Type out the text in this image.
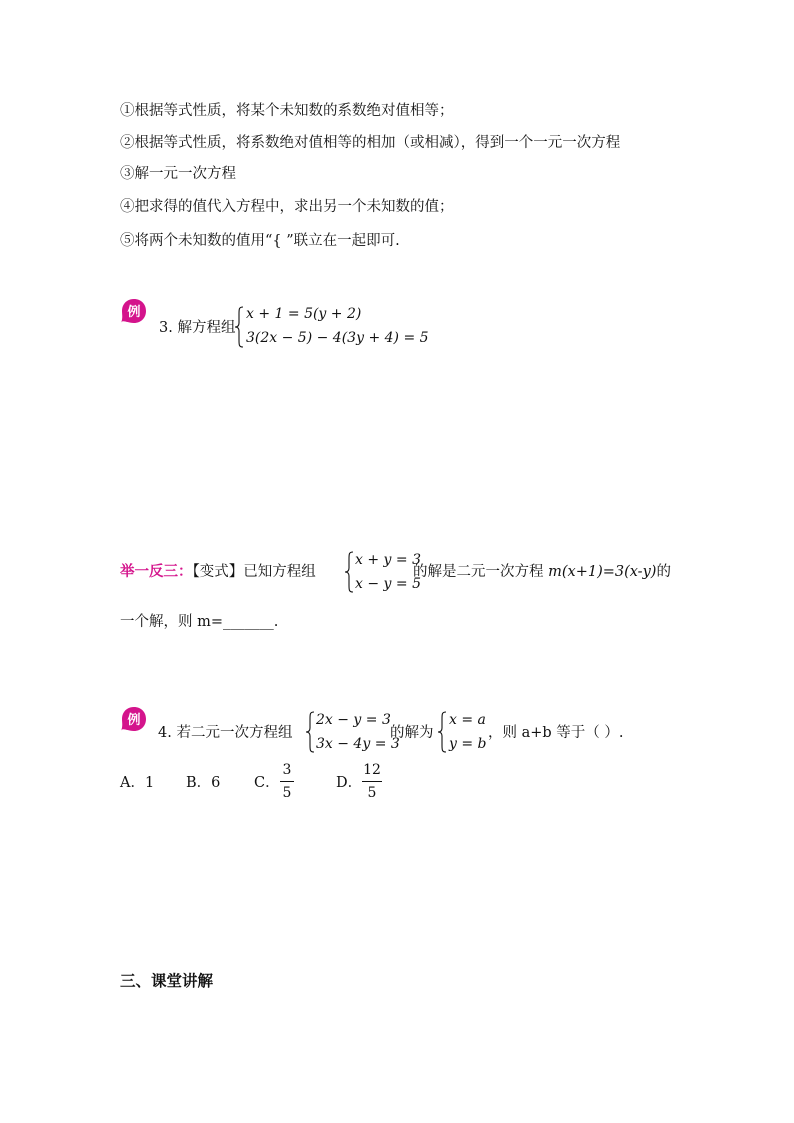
①根据等式性质，将某个未知数的系数绝对值相等；
②根据等式性质，将系数绝对值相等的相加（或相减），得到一个一元一次方程
③解一元一次方程
④把求得的值代入方程中，求出另一个未知数的值；
⑤将两个未知数的值用“{ ”联立在一起即可.
例
3. 解方程组
x + 1 = 5(y + 2)
3(2x − 5) − 4(3y + 4) = 5
举一反三：【变式】已知方程组
x + y = 3
x − y = 5
的解是二元一次方程 m(x+1)=3(x-y)的
一个解，则 m=_______.
例
4. 若二元一次方程组
2x − y = 3
3x − 4y = 3
的解为
x = a
y = b
，则 a+b 等于（ ）.
A．1 B．6 C．
3
5
D．
12
5
三、课堂讲解
